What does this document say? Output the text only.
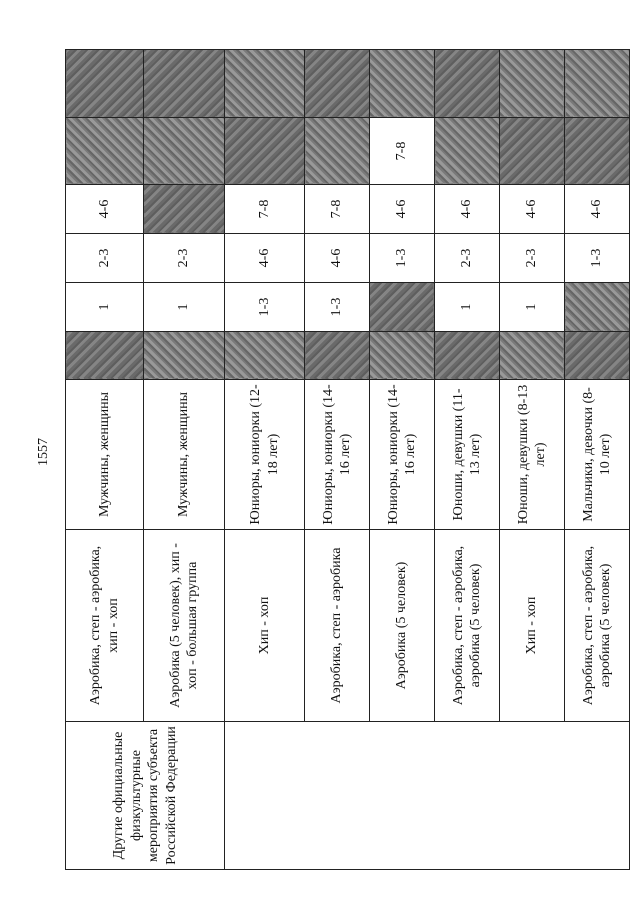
1557
Другие официальные физкультурные мероприятия субъекта Российской Федерации	Аэробика, степ - аэробика, хип - хоп	Мужчины, женщины		1	2-3	4-6		
	Аэробика (5 человек), хип - хоп - большая группа	Мужчины, женщины		1	2-3			
	Хип - хоп	Юниоры, юниорки (12-18 лет)		1-3	4-6	7-8		
	Аэробика, степ - аэробика	Юниоры, юниорки (14-16 лет)		1-3	4-6	7-8		
	Аэробика (5 человек)	Юниоры, юниорки (14-16 лет)			1-3	4-6	7-8	
	Аэробика, степ - аэробика, аэробика (5 человек)	Юноши, девушки (11-13 лет)		1	2-3	4-6		
	Хип - хоп	Юноши, девушки (8-13 лет)		1	2-3	4-6		
	Аэробика, степ - аэробика, аэробика (5 человек)	Мальчики, девочки (8-10 лет)			1-3	4-6		
